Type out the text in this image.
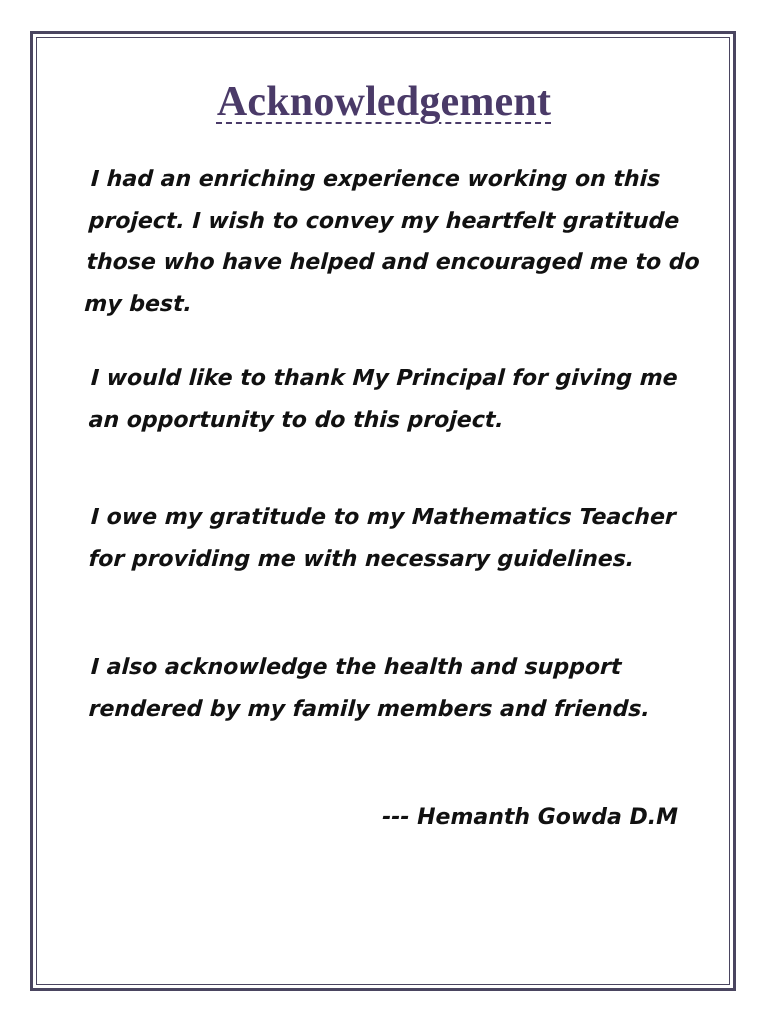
Acknowledgement

I had an enriching experience working on this
project. I wish to convey my heartfelt gratitude
those who have helped and encouraged me to do
my best.

I would like to thank My Principal for giving me
an opportunity to do this project.

I owe my gratitude to my Mathematics Teacher
for providing me with necessary guidelines.

I also acknowledge the health and support
rendered by my family members and friends.

--- Hemanth Gowda D.M
